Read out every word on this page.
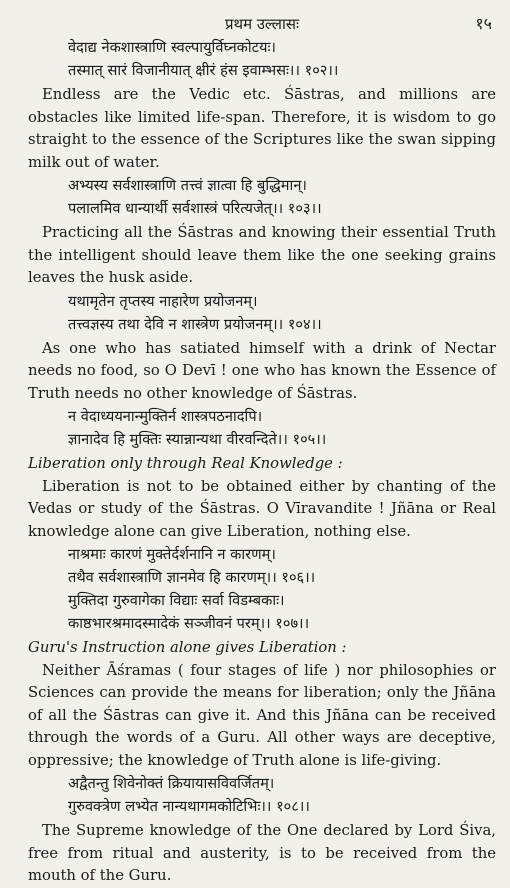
प्रथम उल्लासः	१५

वेदाद्य नेकशास्त्राणि स्वल्पायुर्विघ्नकोटयः।

तस्मात् सारं विजानीयात् क्षीरं हंस इवाम्भसः।। १०२।।

Endless are the Vedic etc. Śāstras, and millions are obstacles like limited life-span. Therefore, it is wisdom to go straight to the essence of the Scriptures like the swan sipping milk out of water.

अभ्यस्य सर्वशास्त्राणि तत्त्वं ज्ञात्वा हि बुद्धिमान्।

पलालमिव धान्यार्थी सर्वशास्त्रं परित्यजेत्।। १०३।।

Practicing all the Śāstras and knowing their essential Truth the intelligent should leave them like the one seeking grains leaves the husk aside.

यथामृतेन तृप्तस्य नाहारेण प्रयोजनम्।

तत्त्वज्ञस्य तथा देवि न शास्त्रेण प्रयोजनम्।। १०४।।

As one who has satiated himself with a drink of Nectar needs no food, so O Devī ! one who has known the Essence of Truth needs no other knowledge of Śāstras.

न वेदाध्ययनान्मुक्तिर्न शास्त्रपठनादपि।

ज्ञानादेव हि मुक्तिः स्यान्नान्यथा वीरवन्दिते।। १०५।।

Liberation only through Real Knowledge :

Liberation is not to be obtained either by chanting of the Vedas or study of the Śāstras. O Vīravandite ! Jñāna or Real knowledge alone can give Liberation, nothing else.

नाश्रमाः कारणं मुक्तेर्दर्शनानि न कारणम्।

तथैव सर्वशास्त्राणि ज्ञानमेव हि कारणम्।। १०६।।

मुक्तिदा गुरुवागेका विद्याः सर्वा विडम्बकाः।

काष्ठभारश्रमादस्मादेकं सञ्जीवनं परम्।। १०७।।

Guru's Instruction alone gives Liberation :

Neither Āśramas ( four stages of life ) nor philosophies or Sciences can provide the means for liberation; only the Jñāna of all the Śāstras can give it. And this Jñāna can be received through the words of a Guru. All other ways are deceptive, oppressive; the knowledge of Truth alone is life-giving.

अद्वैतन्तु शिवेनोक्तं क्रियायासविवर्जितम्।

गुरुवक्त्रेण लभ्येत नान्यथागमकोटिभिः।। १०८।।

The Supreme knowledge of the One declared by Lord Śiva, free from ritual and austerity, is to be received from the mouth of the Guru.
